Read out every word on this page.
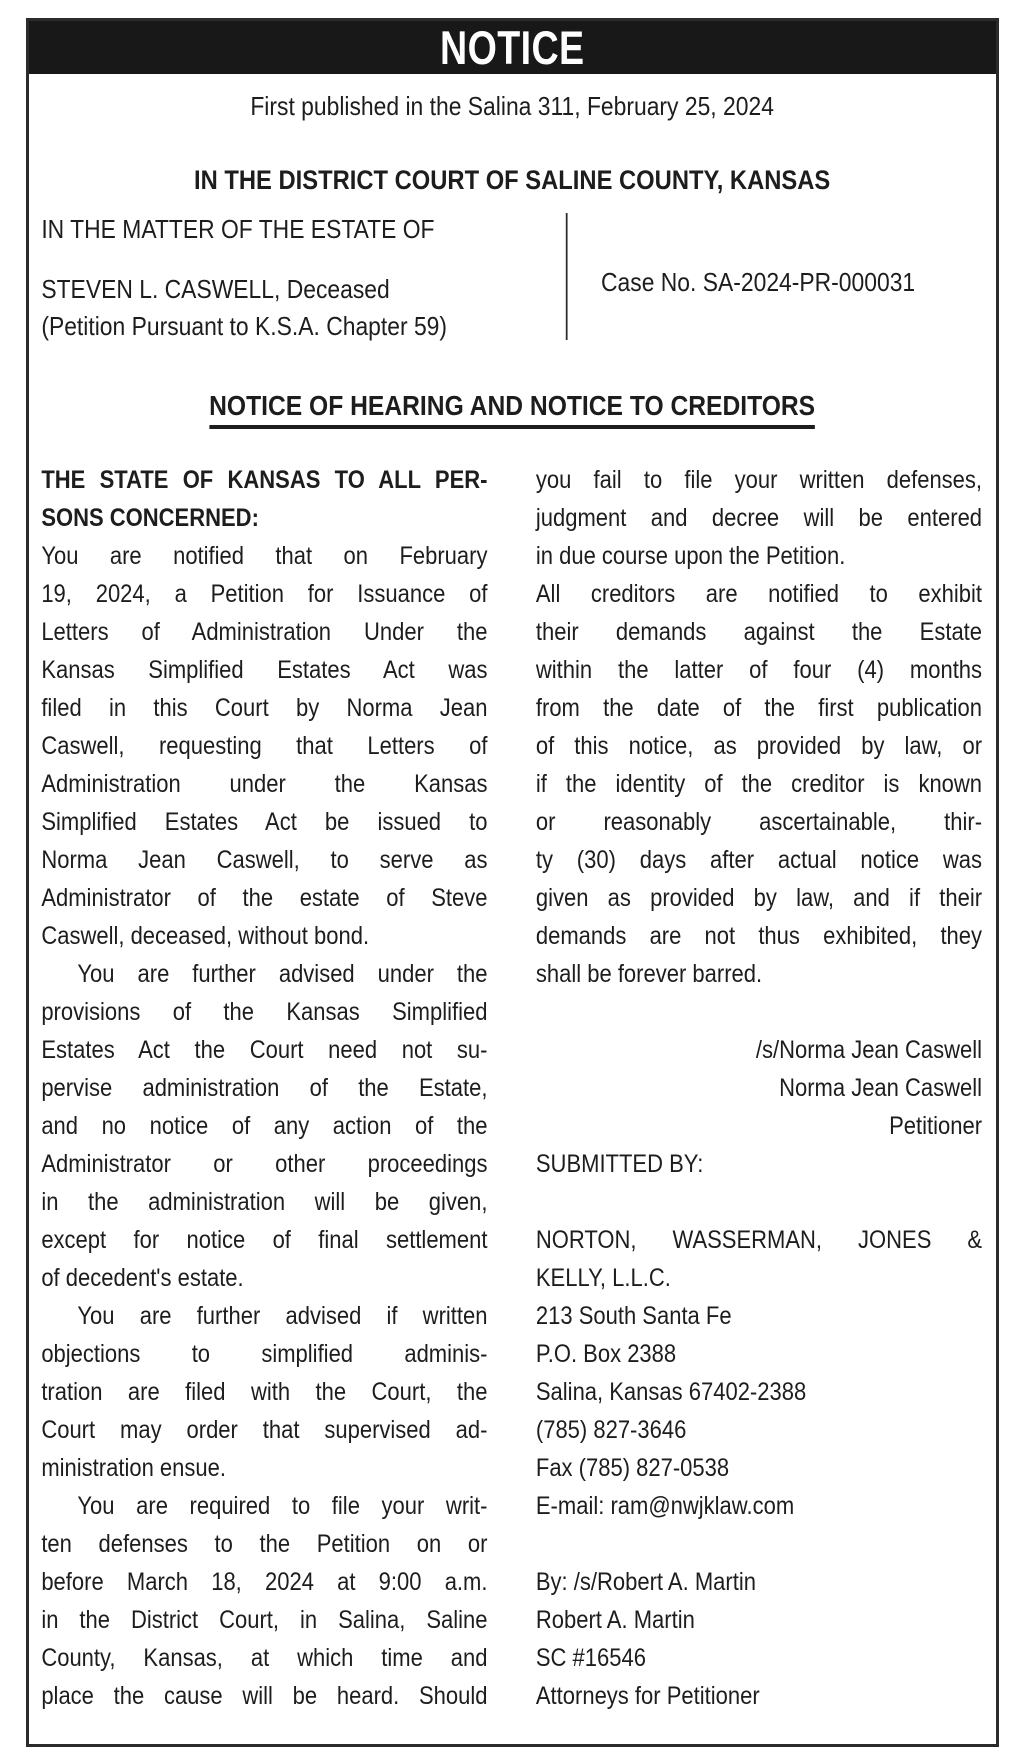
NOTICE
First published in the Salina 311, February 25, 2024
IN THE DISTRICT COURT OF SALINE COUNTY, KANSAS
IN THE MATTER OF THE ESTATE OF
STEVEN L. CASWELL, Deceased
(Petition Pursuant to K.S.A. Chapter 59)
Case No. SA-2024-PR-000031
NOTICE OF HEARING AND NOTICE TO CREDITORS
THE STATE OF KANSAS TO ALL PER-
SONS CONCERNED:
You are notified that on February
19, 2024, a Petition for Issuance of
Letters of Administration Under the
Kansas Simplified Estates Act was
filed in this Court by Norma Jean
Caswell, requesting that Letters of
Administration under the Kansas
Simplified Estates Act be issued to
Norma Jean Caswell, to serve as
Administrator of the estate of Steve
Caswell, deceased, without bond.
You are further advised under the
provisions of the Kansas Simplified
Estates Act the Court need not su-
pervise administration of the Estate,
and no notice of any action of the
Administrator or other proceedings
in the administration will be given,
except for notice of final settlement
of decedent's estate.
You are further advised if written
objections to simplified adminis-
tration are filed with the Court, the
Court may order that supervised ad-
ministration ensue.
You are required to file your writ-
ten defenses to the Petition on or
before March 18, 2024 at 9:00 a.m.
in the District Court, in Salina, Saline
County, Kansas, at which time and
place the cause will be heard. Should
you fail to file your written defenses,
judgment and decree will be entered
in due course upon the Petition.
All creditors are notified to exhibit
their demands against the Estate
within the latter of four (4) months
from the date of the first publication
of this notice, as provided by law, or
if the identity of the creditor is known
or reasonably ascertainable, thir-
ty (30) days after actual notice was
given as provided by law, and if their
demands are not thus exhibited, they
shall be forever barred.
/s/Norma Jean Caswell
Norma Jean Caswell
Petitioner
SUBMITTED BY:
NORTON, WASSERMAN, JONES &
KELLY, L.L.C.
213 South Santa Fe
P.O. Box 2388
Salina, Kansas 67402-2388
(785) 827-3646
Fax (785) 827-0538
E-mail: ram@nwjklaw.com
By: /s/Robert A. Martin
Robert A. Martin
SC #16546
Attorneys for Petitioner
